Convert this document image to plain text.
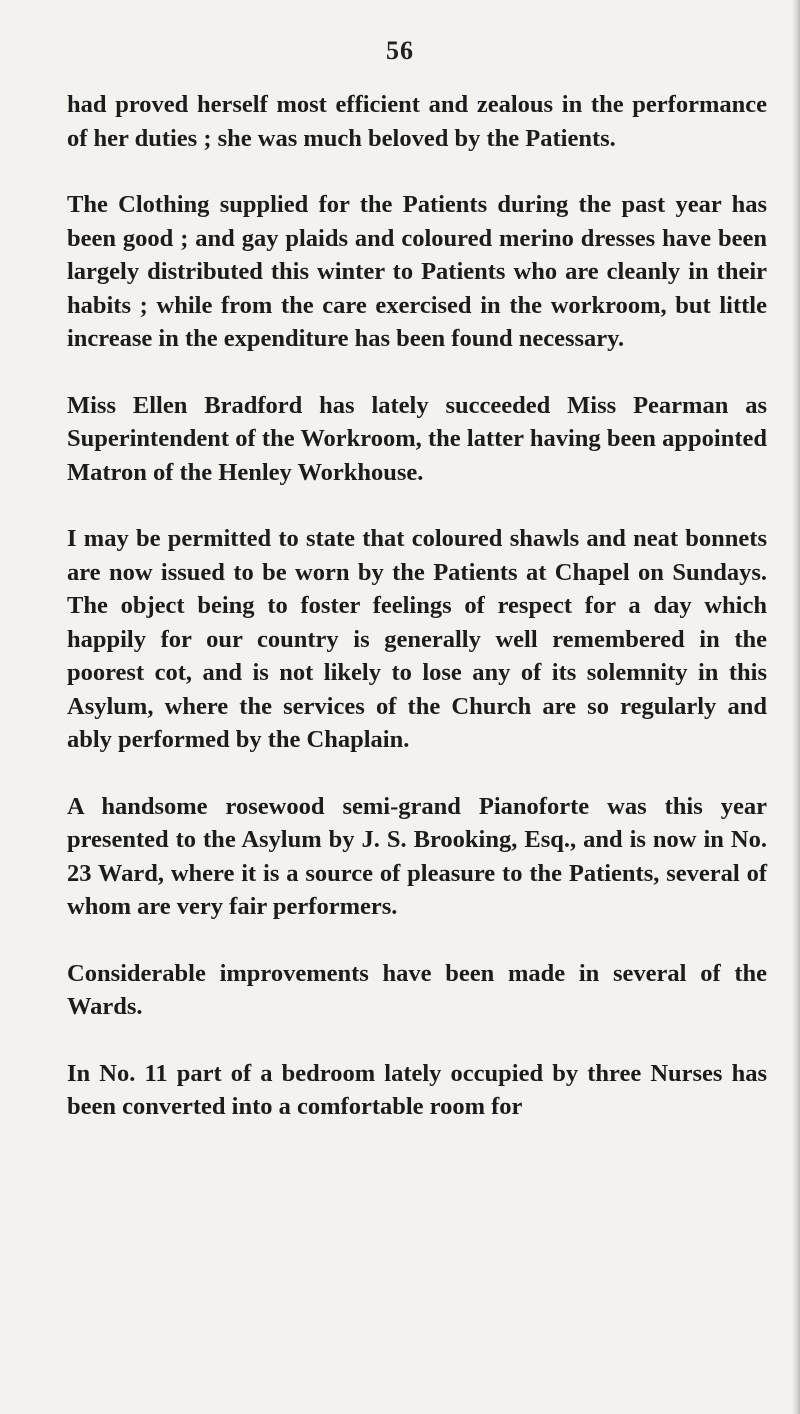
56

had proved herself most efficient and zealous in the performance of her duties ; she was much beloved by the Patients.

The Clothing supplied for the Patients during the past year has been good ; and gay plaids and coloured merino dresses have been largely distributed this winter to Patients who are cleanly in their habits ; while from the care exercised in the workroom, but little increase in the expenditure has been found necessary.

Miss Ellen Bradford has lately succeeded Miss Pearman as Superintendent of the Workroom, the latter having been appointed Matron of the Henley Workhouse.

I may be permitted to state that coloured shawls and neat bonnets are now issued to be worn by the Patients at Chapel on Sundays. The object being to foster feelings of respect for a day which happily for our country is generally well remembered in the poorest cot, and is not likely to lose any of its solemnity in this Asylum, where the services of the Church are so regularly and ably performed by the Chaplain.

A handsome rosewood semi-grand Pianoforte was this year presented to the Asylum by J. S. Brooking, Esq., and is now in No. 23 Ward, where it is a source of pleasure to the Patients, several of whom are very fair performers.

Considerable improvements have been made in several of the Wards.

In No. 11 part of a bedroom lately occupied by three Nurses has been converted into a comfortable room for
